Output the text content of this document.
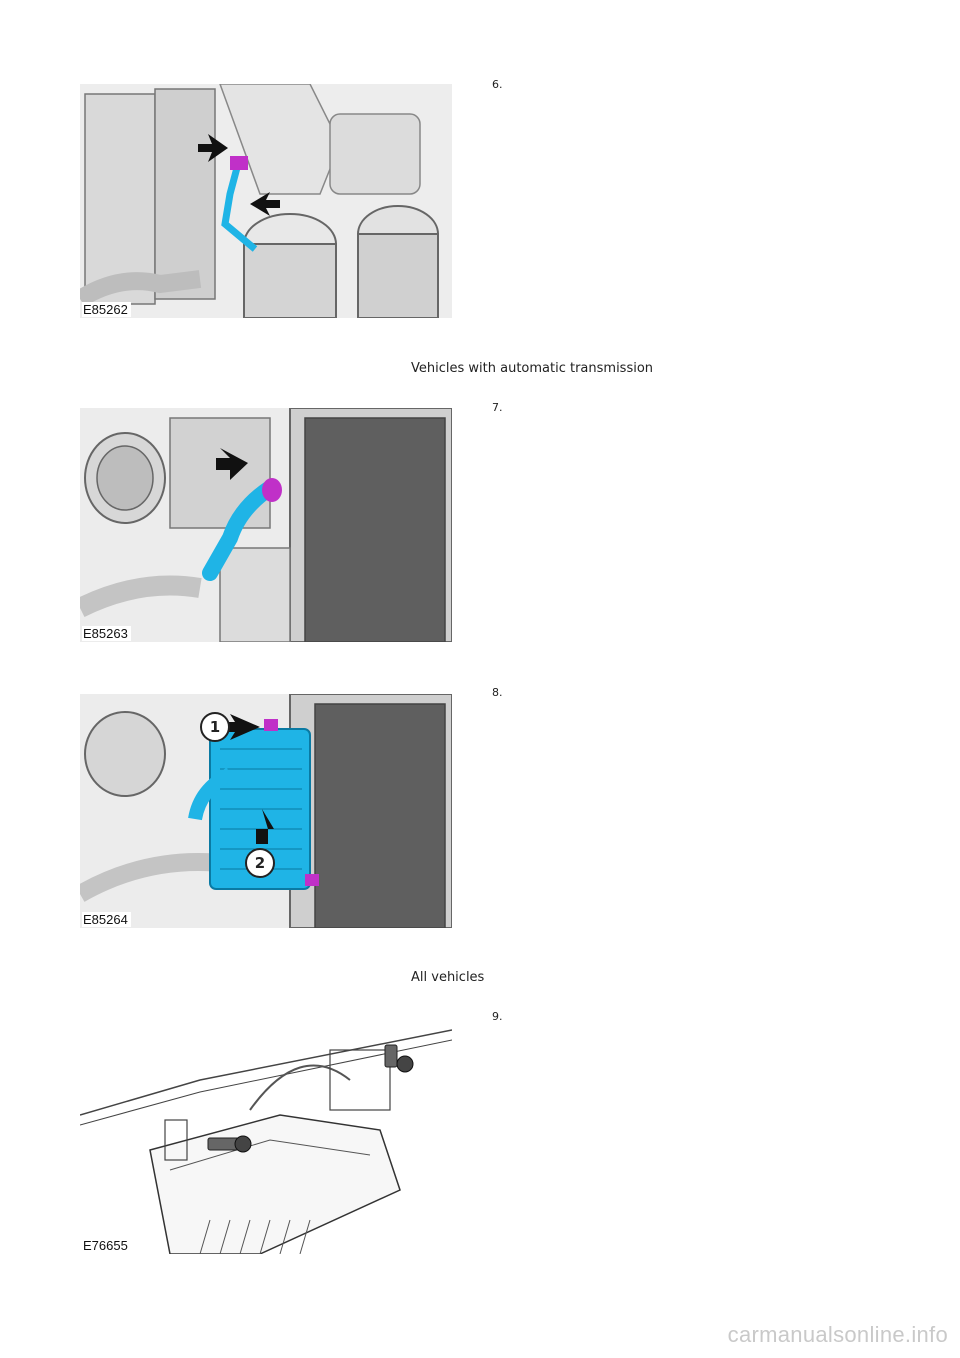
E85262
6.
Vehicles with automatic transmission
E85263
7.
1
2
E85264
8.
All vehicles
E76655
9.
carmanualsonline.info
